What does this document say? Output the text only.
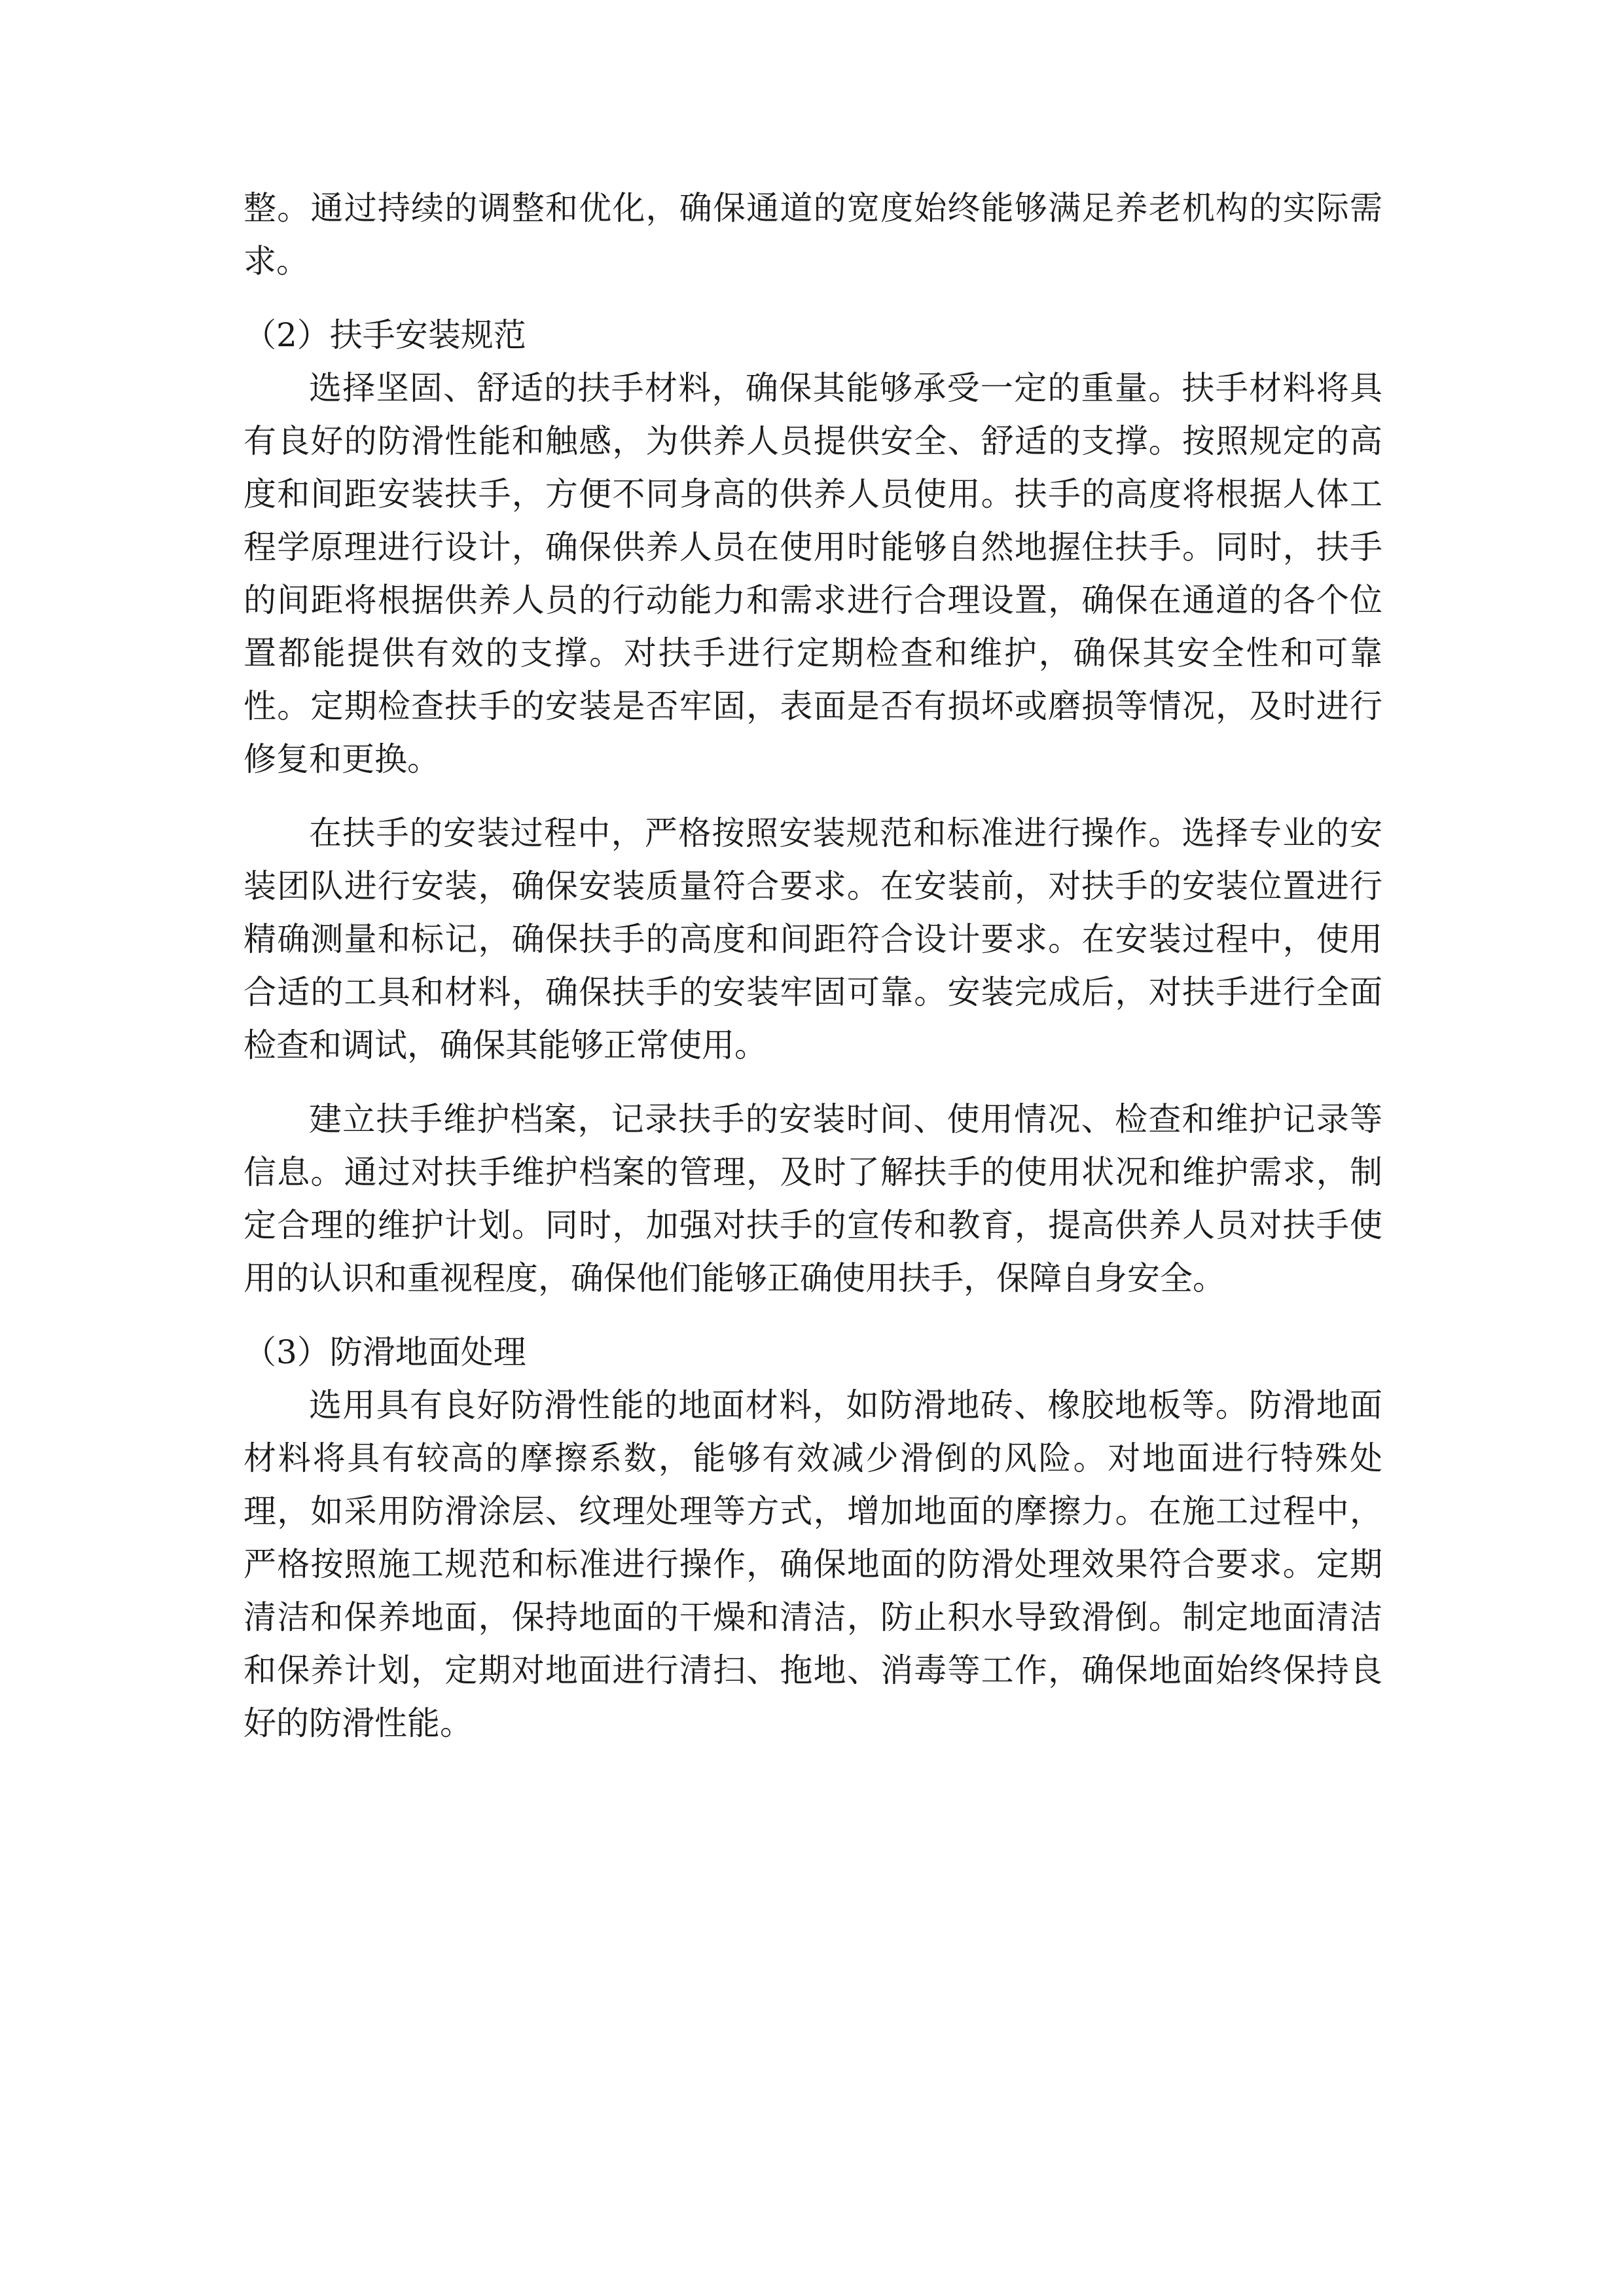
整。通过持续的调整和优化，确保通道的宽度始终能够满足养老机构的实际需求。

（2）扶手安装规范

选择坚固、舒适的扶手材料，确保其能够承受一定的重量。扶手材料将具有良好的防滑性能和触感，为供养人员提供安全、舒适的支撑。按照规定的高度和间距安装扶手，方便不同身高的供养人员使用。扶手的高度将根据人体工程学原理进行设计，确保供养人员在使用时能够自然地握住扶手。同时，扶手的间距将根据供养人员的行动能力和需求进行合理设置，确保在通道的各个位置都能提供有效的支撑。对扶手进行定期检查和维护，确保其安全性和可靠性。定期检查扶手的安装是否牢固，表面是否有损坏或磨损等情况，及时进行修复和更换。

在扶手的安装过程中，严格按照安装规范和标准进行操作。选择专业的安装团队进行安装，确保安装质量符合要求。在安装前，对扶手的安装位置进行精确测量和标记，确保扶手的高度和间距符合设计要求。在安装过程中，使用合适的工具和材料，确保扶手的安装牢固可靠。安装完成后，对扶手进行全面检查和调试，确保其能够正常使用。

建立扶手维护档案，记录扶手的安装时间、使用情况、检查和维护记录等信息。通过对扶手维护档案的管理，及时了解扶手的使用状况和维护需求，制定合理的维护计划。同时，加强对扶手的宣传和教育，提高供养人员对扶手使用的认识和重视程度，确保他们能够正确使用扶手，保障自身安全。

（3）防滑地面处理

选用具有良好防滑性能的地面材料，如防滑地砖、橡胶地板等。防滑地面材料将具有较高的摩擦系数，能够有效减少滑倒的风险。对地面进行特殊处理，如采用防滑涂层、纹理处理等方式，增加地面的摩擦力。在施工过程中，严格按照施工规范和标准进行操作，确保地面的防滑处理效果符合要求。定期清洁和保养地面，保持地面的干燥和清洁，防止积水导致滑倒。制定地面清洁和保养计划，定期对地面进行清扫、拖地、消毒等工作，确保地面始终保持良好的防滑性能。
